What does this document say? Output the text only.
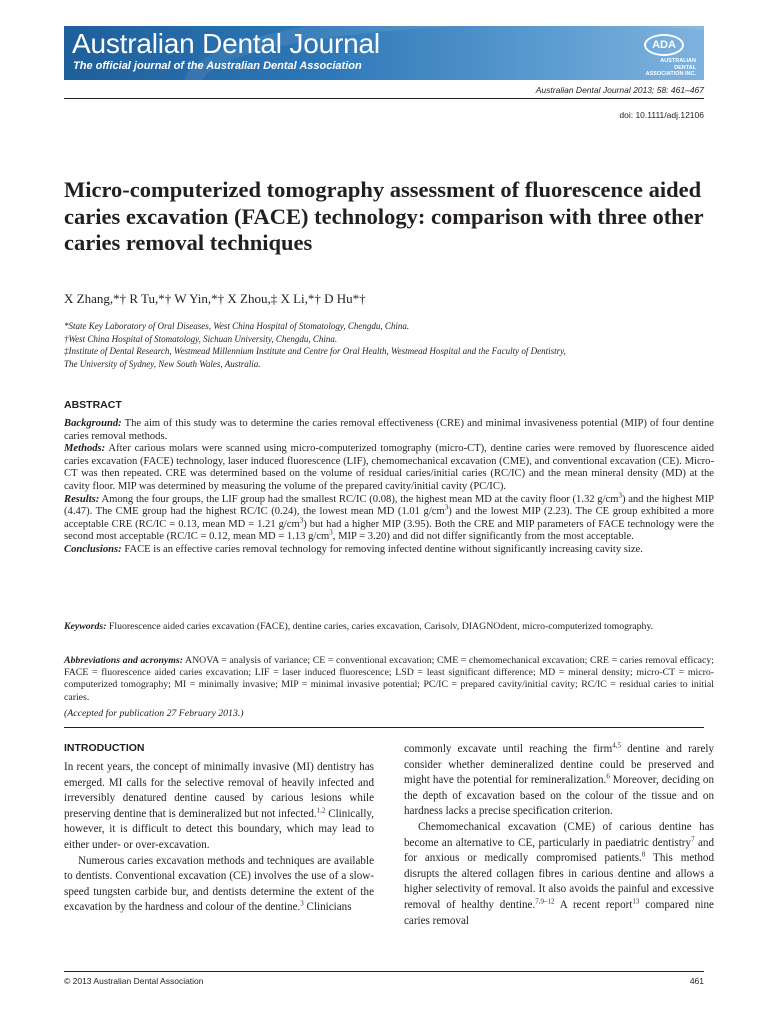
Australian Dental Journal
The official journal of the Australian Dental Association
ADA
AUSTRALIAN DENTAL ASSOCIATION INC.
Australian Dental Journal 2013; 58: 461–467
doi: 10.1111/adj.12106
Micro-computerized tomography assessment of fluorescence aided caries excavation (FACE) technology: comparison with three other caries removal techniques
X Zhang,*† R Tu,*† W Yin,*† X Zhou,‡ X Li,*† D Hu*†
*State Key Laboratory of Oral Diseases, West China Hospital of Stomatology, Chengdu, China.
†West China Hospital of Stomatology, Sichuan University, Chengdu, China.
‡Institute of Dental Research, Westmead Millennium Institute and Centre for Oral Health, Westmead Hospital and the Faculty of Dentistry,
The University of Sydney, New South Wales, Australia.
ABSTRACT

Background: The aim of this study was to determine the caries removal effectiveness (CRE) and minimal invasiveness potential (MIP) of four dentine caries removal methods.

Methods: After carious molars were scanned using micro-computerized tomography (micro-CT), dentine caries were removed by fluorescence aided caries excavation (FACE) technology, laser induced fluorescence (LIF), chemomechanical excavation (CME), and conventional excavation (CE). Micro-CT was then repeated. CRE was determined based on the volume of residual caries/initial caries (RC/IC) and the mean mineral density (MD) at the cavity floor. MIP was determined by measuring the volume of the prepared cavity/initial cavity (PC/IC).

Results: Among the four groups, the LIF group had the smallest RC/IC (0.08), the highest mean MD at the cavity floor (1.32 $g/cm^3$) and the highest MIP (4.47). The CME group had the highest RC/IC (0.24), the lowest mean MD (1.01 $g/cm^3$) and the lowest MIP (2.23). The CE group exhibited a more acceptable CRE (RC/IC = 0.13, mean MD = 1.21 $g/cm^3$) but had a higher MIP (3.95). Both the CRE and MIP parameters of FACE technology were the second most acceptable (RC/IC = 0.12, mean MD = 1.13 $g/cm^3$, MIP = 3.20) and did not differ significantly from the most acceptable.

Conclusions: FACE is an effective caries removal technology for removing infected dentine without significantly increasing cavity size.

Keywords: Fluorescence aided caries excavation (FACE), dentine caries, caries excavation, Carisolv, DIAGNOdent, micro-computerized tomography.
Abbreviations and acronyms: ANOVA = analysis of variance; CE = conventional excavation; CME = chemomechanical excavation; CRE = caries removal efficacy; FACE = fluorescence aided caries excavation; LIF = laser induced fluorescence; LSD = least significant difference; MD = mineral density; micro-CT = micro-computerized tomography; MI = minimally invasive; MIP = minimal invasive potential; PC/IC = prepared cavity/initial cavity; RC/IC = residual caries to initial caries.
(Accepted for publication 27 February 2013.)
INTRODUCTION

In recent years, the concept of minimally invasive (MI) dentistry has emerged. MI calls for the selective removal of heavily infected and irreversibly denatured dentine caused by carious lesions while preserving dentine that is demineralized but not infected.$^{1,2}$ Clinically, however, it is difficult to detect this boundary, which may lead to either under- or over-excavation.

Numerous caries excavation methods and techniques are available to dentists. Conventional excavation (CE) involves the use of a slow-speed tungsten carbide bur, and dentists determine the extent of the excavation by the hardness and colour of the dentine.$^3$ Clinicians

commonly excavate until reaching the firm$^{4,5}$ dentine and rarely consider whether demineralized dentine could be preserved and might have the potential for remineralization.$^6$ Moreover, deciding on the depth of excavation based on the colour of the tissue and on hardness lacks a precise specification criterion.

Chemomechanical excavation (CME) of carious dentine has become an alternative to CE, particularly in paediatric dentistry$^7$ and for anxious or medically compromised patients.$^8$ This method disrupts the altered collagen fibres in carious dentine and allows a higher selectivity of removal. It also avoids the painful and excessive removal of healthy dentine.$^{7,9-12}$ A recent report$^{13}$ compared nine caries removal

© 2013 Australian Dental Association	461
